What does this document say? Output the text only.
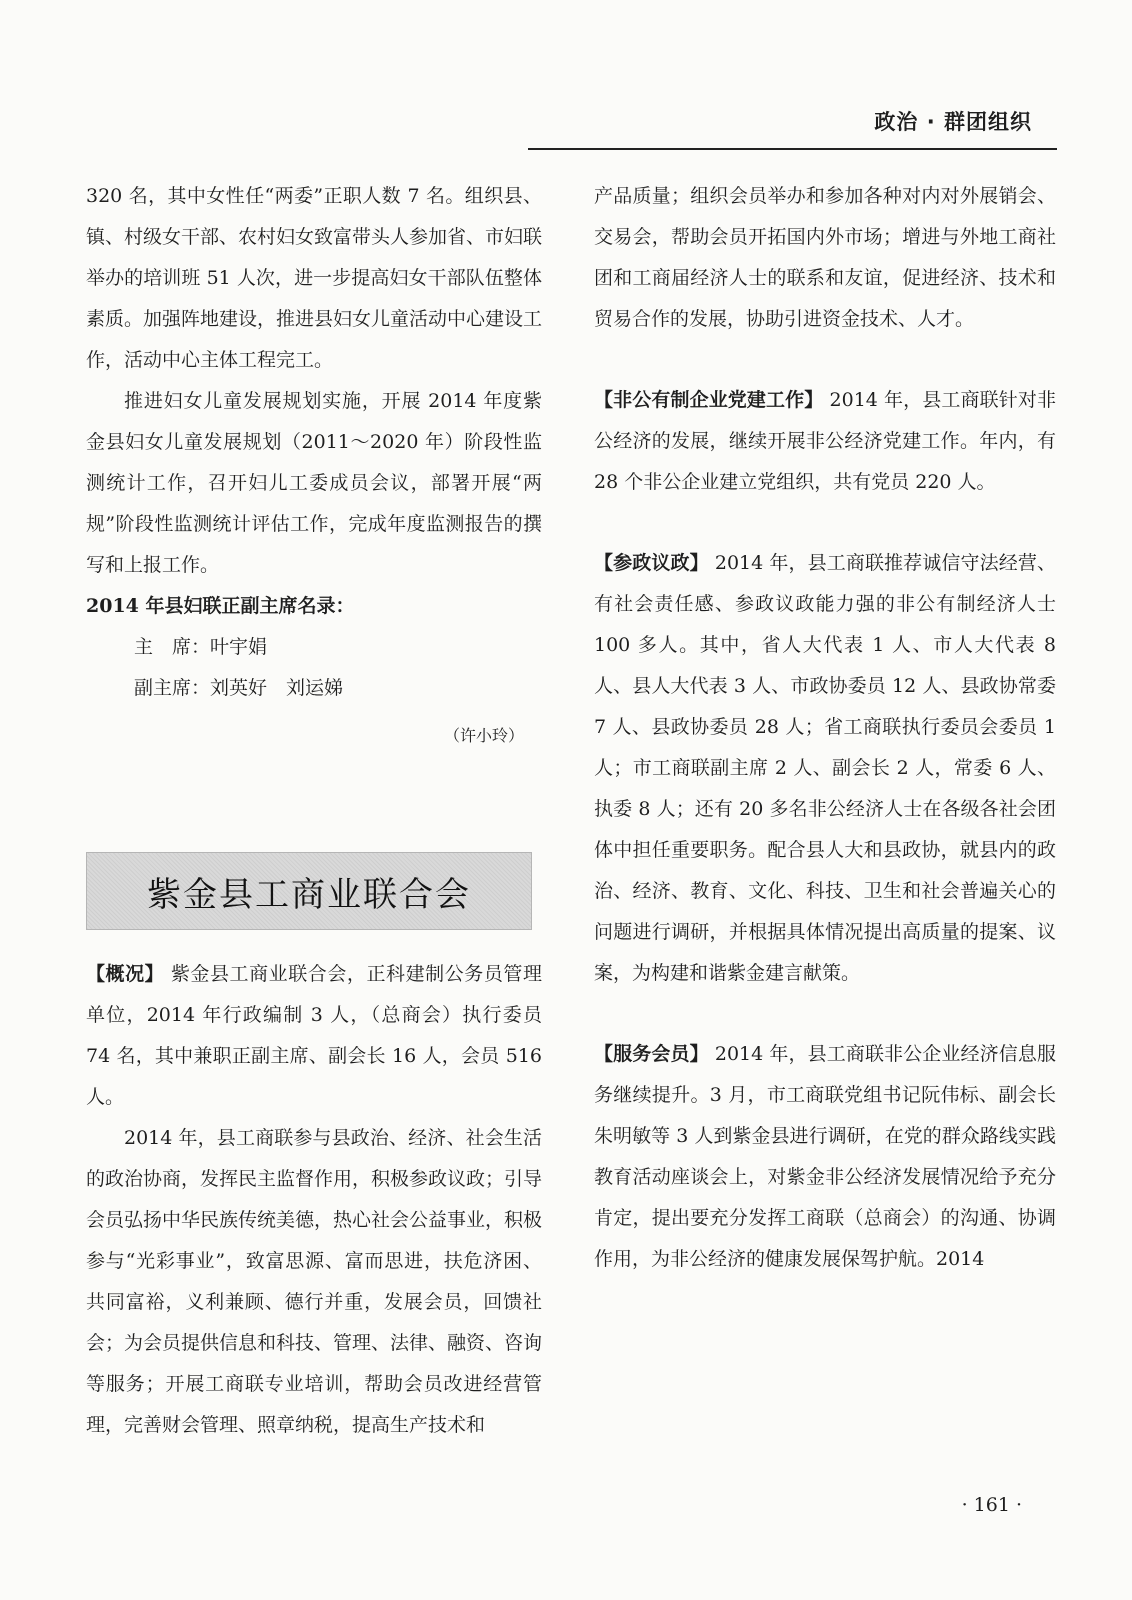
政治 · 群团组织

320 名，其中女性任“两委”正职人数 7 名。组织县、镇、村级女干部、农村妇女致富带头人参加省、市妇联举办的培训班 51 人次，进一步提高妇女干部队伍整体素质。加强阵地建设，推进县妇女儿童活动中心建设工作，活动中心主体工程完工。

推进妇女儿童发展规划实施，开展 2014 年度紫金县妇女儿童发展规划（2011～2020 年）阶段性监测统计工作，召开妇儿工委成员会议，部署开展“两规”阶段性监测统计评估工作，完成年度监测报告的撰写和上报工作。

2014 年县妇联正副主席名录：

主　席：叶宇娟

副主席：刘英好　刘运娣

（许小玲）

紫金县工商业联合会

【概况】 紫金县工商业联合会，正科建制公务员管理单位，2014 年行政编制 3 人，（总商会）执行委员 74 名，其中兼职正副主席、副会长 16 人，会员 516 人。

2014 年，县工商联参与县政治、经济、社会生活的政治协商，发挥民主监督作用，积极参政议政；引导会员弘扬中华民族传统美德，热心社会公益事业，积极参与“光彩事业”，致富思源、富而思进，扶危济困、共同富裕，义利兼顾、德行并重，发展会员，回馈社会；为会员提供信息和科技、管理、法律、融资、咨询等服务；开展工商联专业培训，帮助会员改进经营管理，完善财会管理、照章纳税，提高生产技术和

产品质量；组织会员举办和参加各种对内对外展销会、交易会，帮助会员开拓国内外市场；增进与外地工商社团和工商届经济人士的联系和友谊，促进经济、技术和贸易合作的发展，协助引进资金技术、人才。

【非公有制企业党建工作】 2014 年，县工商联针对非公经济的发展，继续开展非公经济党建工作。年内，有 28 个非公企业建立党组织，共有党员 220 人。

【参政议政】 2014 年，县工商联推荐诚信守法经营、有社会责任感、参政议政能力强的非公有制经济人士 100 多人。其中，省人大代表 1 人、市人大代表 8 人、县人大代表 3 人、市政协委员 12 人、县政协常委 7 人、县政协委员 28 人；省工商联执行委员会委员 1 人；市工商联副主席 2 人、副会长 2 人，常委 6 人、执委 8 人；还有 20 多名非公经济人士在各级各社会团体中担任重要职务。配合县人大和县政协，就县内的政治、经济、教育、文化、科技、卫生和社会普遍关心的问题进行调研，并根据具体情况提出高质量的提案、议案，为构建和谐紫金建言献策。

【服务会员】 2014 年，县工商联非公企业经济信息服务继续提升。3 月，市工商联党组书记阮伟标、副会长朱明敏等 3 人到紫金县进行调研，在党的群众路线实践教育活动座谈会上，对紫金非公经济发展情况给予充分肯定，提出要充分发挥工商联（总商会）的沟通、协调作用，为非公经济的健康发展保驾护航。2014

· 161 ·
